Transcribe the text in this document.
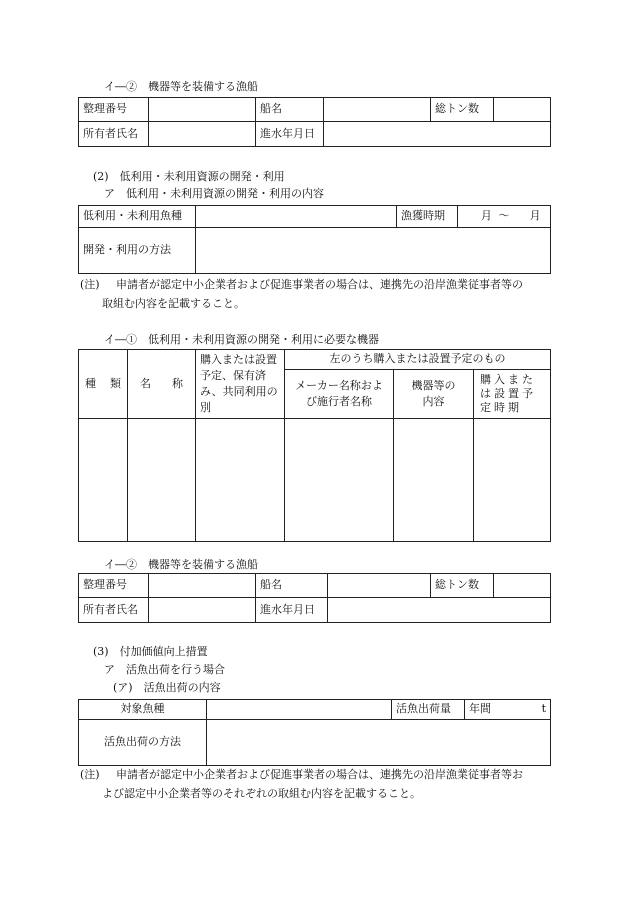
イ―②　機器等を装備する漁船
整理番号		船名		総トン数	
所有者氏名		進水年月日			
(2)　低利用・未利用資源の開発・利用
ア　低利用・未利用資源の開発・利用の内容
低利用・未利用魚種		漁獲時期	月 ～ 月

開発・利用の方法			
(注) 申請者が認定中小企業者および促進事業者の場合は、連携先の沿岸漁業従事者等の
取組む内容を記載すること。
イ―①　低利用・未利用資源の開発・利用に必要な機器
種 類	名 称	購入または設置予定、保有済み、共同利用の別	左のうち購入または設置予定のもの		
			メーカー名称および施行者名称	機器等の内容	購入または設置予定時期

イ―②　機器等を装備する漁船
整理番号		船名		総トン数	
所有者氏名		進水年月日			
(3)　付加価値向上措置
ア　活魚出荷を行う場合
(ア)　活魚出荷の内容
対象魚種		活魚出荷量	年間 t

活魚出荷の方法			
(注) 申請者が認定中小企業者および促進事業者の場合は、連携先の沿岸漁業従事者等お
よび認定中小企業者等のそれぞれの取組む内容を記載すること。
